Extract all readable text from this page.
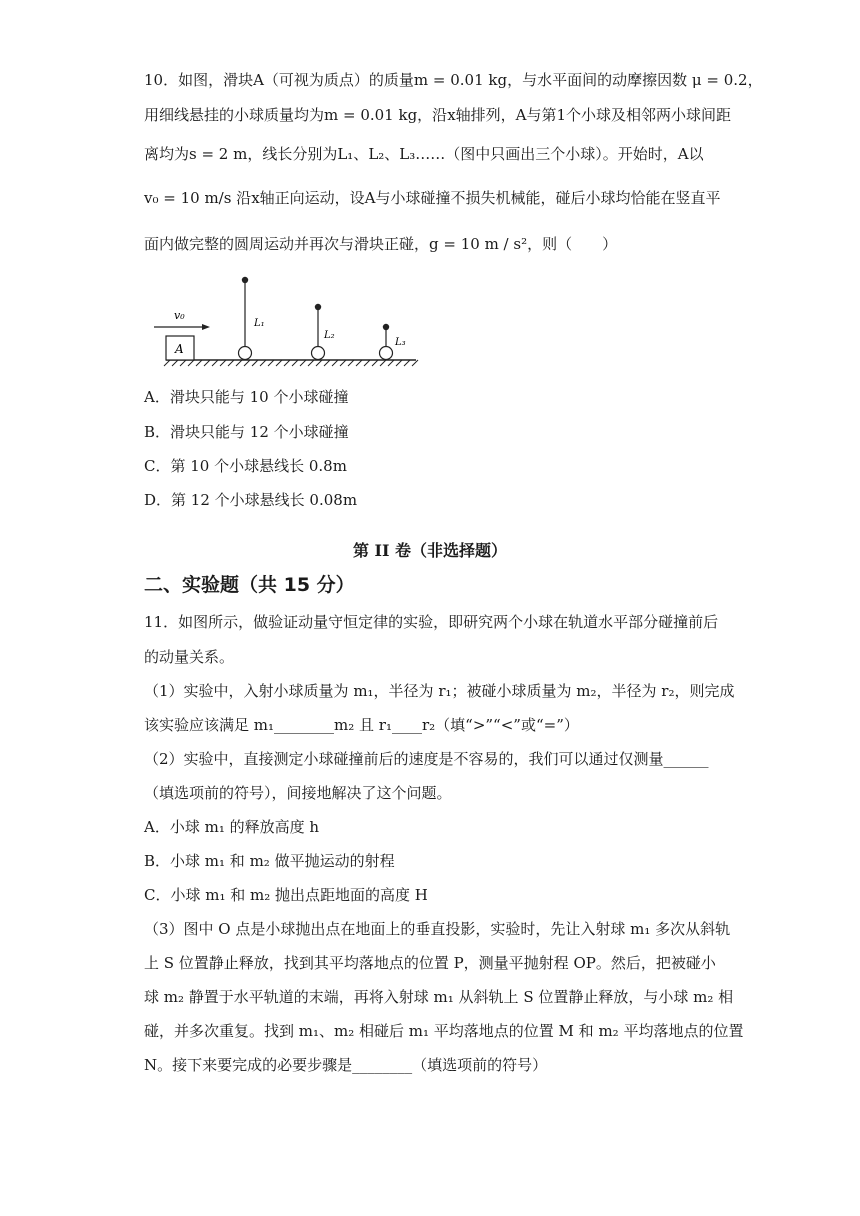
10．如图，滑块A（可视为质点）的质量m = 0.01 kg，与水平面间的动摩擦因数 μ = 0.2，
用细线悬挂的小球质量均为m = 0.01 kg，沿x轴排列，A与第1个小球及相邻两小球间距
离均为s = 2 m，线长分别为L₁、L₂、L₃……（图中只画出三个小球）。开始时，A以
v₀ = 10 m/s 沿x轴正向运动，设A与小球碰撞不损失机械能，碰后小球均恰能在竖直平
面内做完整的圆周运动并再次与滑块正碰，g = 10 m / s²，则（　　）
v₀
A
L₁
L₂
L₃
A．滑块只能与 10 个小球碰撞
B．滑块只能与 12 个小球碰撞
C．第 10 个小球悬线长 0.8m
D．第 12 个小球悬线长 0.08m
第 II 卷（非选择题）
二、实验题（共 15 分）
11．如图所示，做验证动量守恒定律的实验，即研究两个小球在轨道水平部分碰撞前后
的动量关系。
（1）实验中，入射小球质量为 m₁，半径为 r₁；被碰小球质量为 m₂，半径为 r₂，则完成
该实验应该满足 m₁________m₂ 且 r₁____r₂（填“>”“<”或“=”）
（2）实验中，直接测定小球碰撞前后的速度是不容易的，我们可以通过仅测量______
（填选项前的符号），间接地解决了这个问题。
A．小球 m₁ 的释放高度 h
B．小球 m₁ 和 m₂ 做平抛运动的射程
C．小球 m₁ 和 m₂ 抛出点距地面的高度 H
（3）图中 O 点是小球抛出点在地面上的垂直投影，实验时，先让入射球 m₁ 多次从斜轨
上 S 位置静止释放，找到其平均落地点的位置 P，测量平抛射程 OP。然后，把被碰小
球 m₂ 静置于水平轨道的末端，再将入射球 m₁ 从斜轨上 S 位置静止释放，与小球 m₂ 相
碰，并多次重复。找到 m₁、m₂ 相碰后 m₁ 平均落地点的位置 M 和 m₂ 平均落地点的位置
N。接下来要完成的必要步骤是________（填选项前的符号）
